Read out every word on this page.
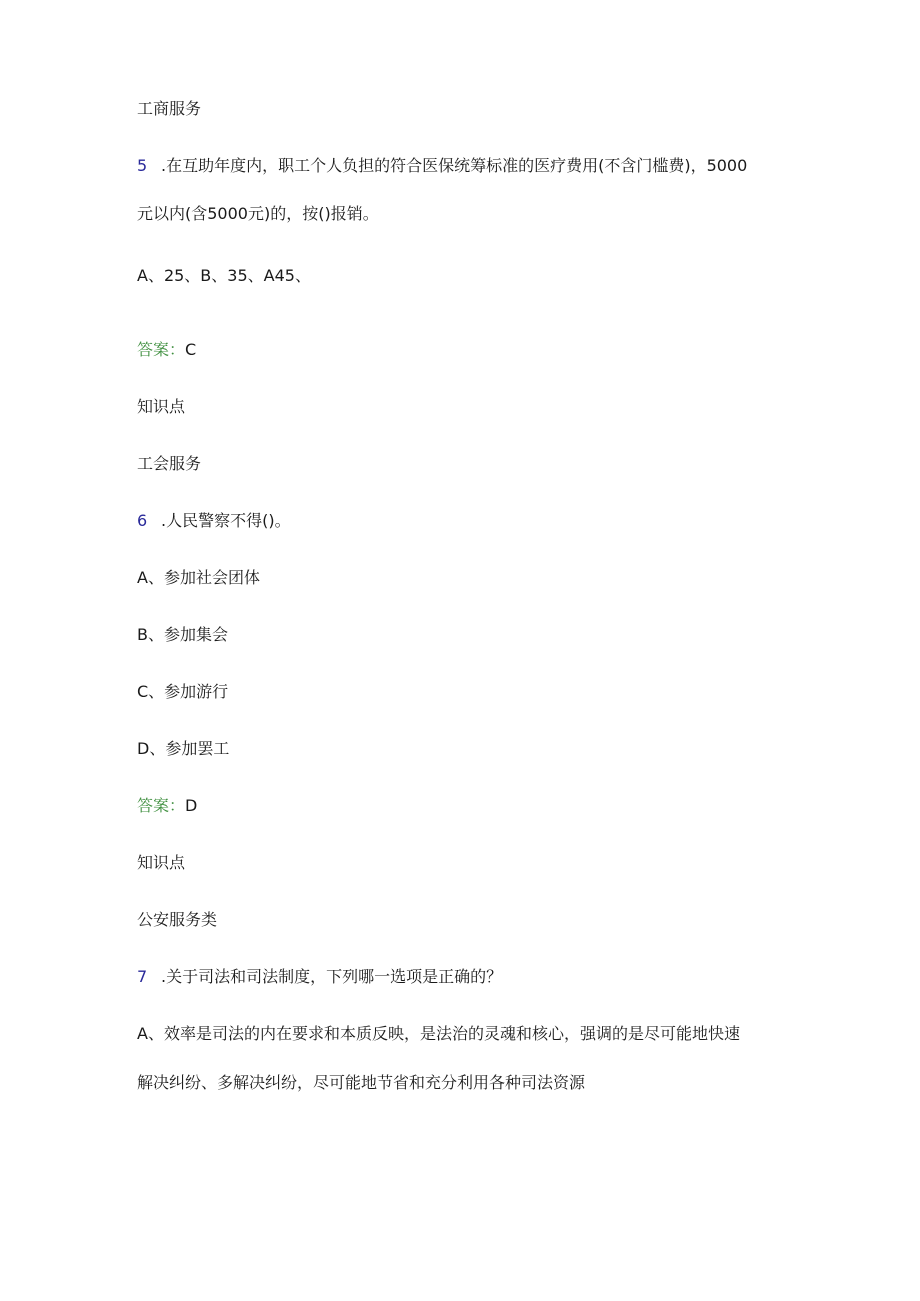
工商服务
5 .在互助年度内，职工个人负担的符合医保统筹标准的医疗费用(不含门槛费)，5000
元以内(含5000元)的，按()报销。
A、25、B、35、A45、
答案：C
知识点
工会服务
6 .人民警察不得()。
A、参加社会团体
B、参加集会
C、参加游行
D、参加罢工
答案：D
知识点
公安服务类
7 .关于司法和司法制度，下列哪一选项是正确的？
A、效率是司法的内在要求和本质反映，是法治的灵魂和核心，强调的是尽可能地快速
解决纠纷、多解决纠纷，尽可能地节省和充分利用各种司法资源
